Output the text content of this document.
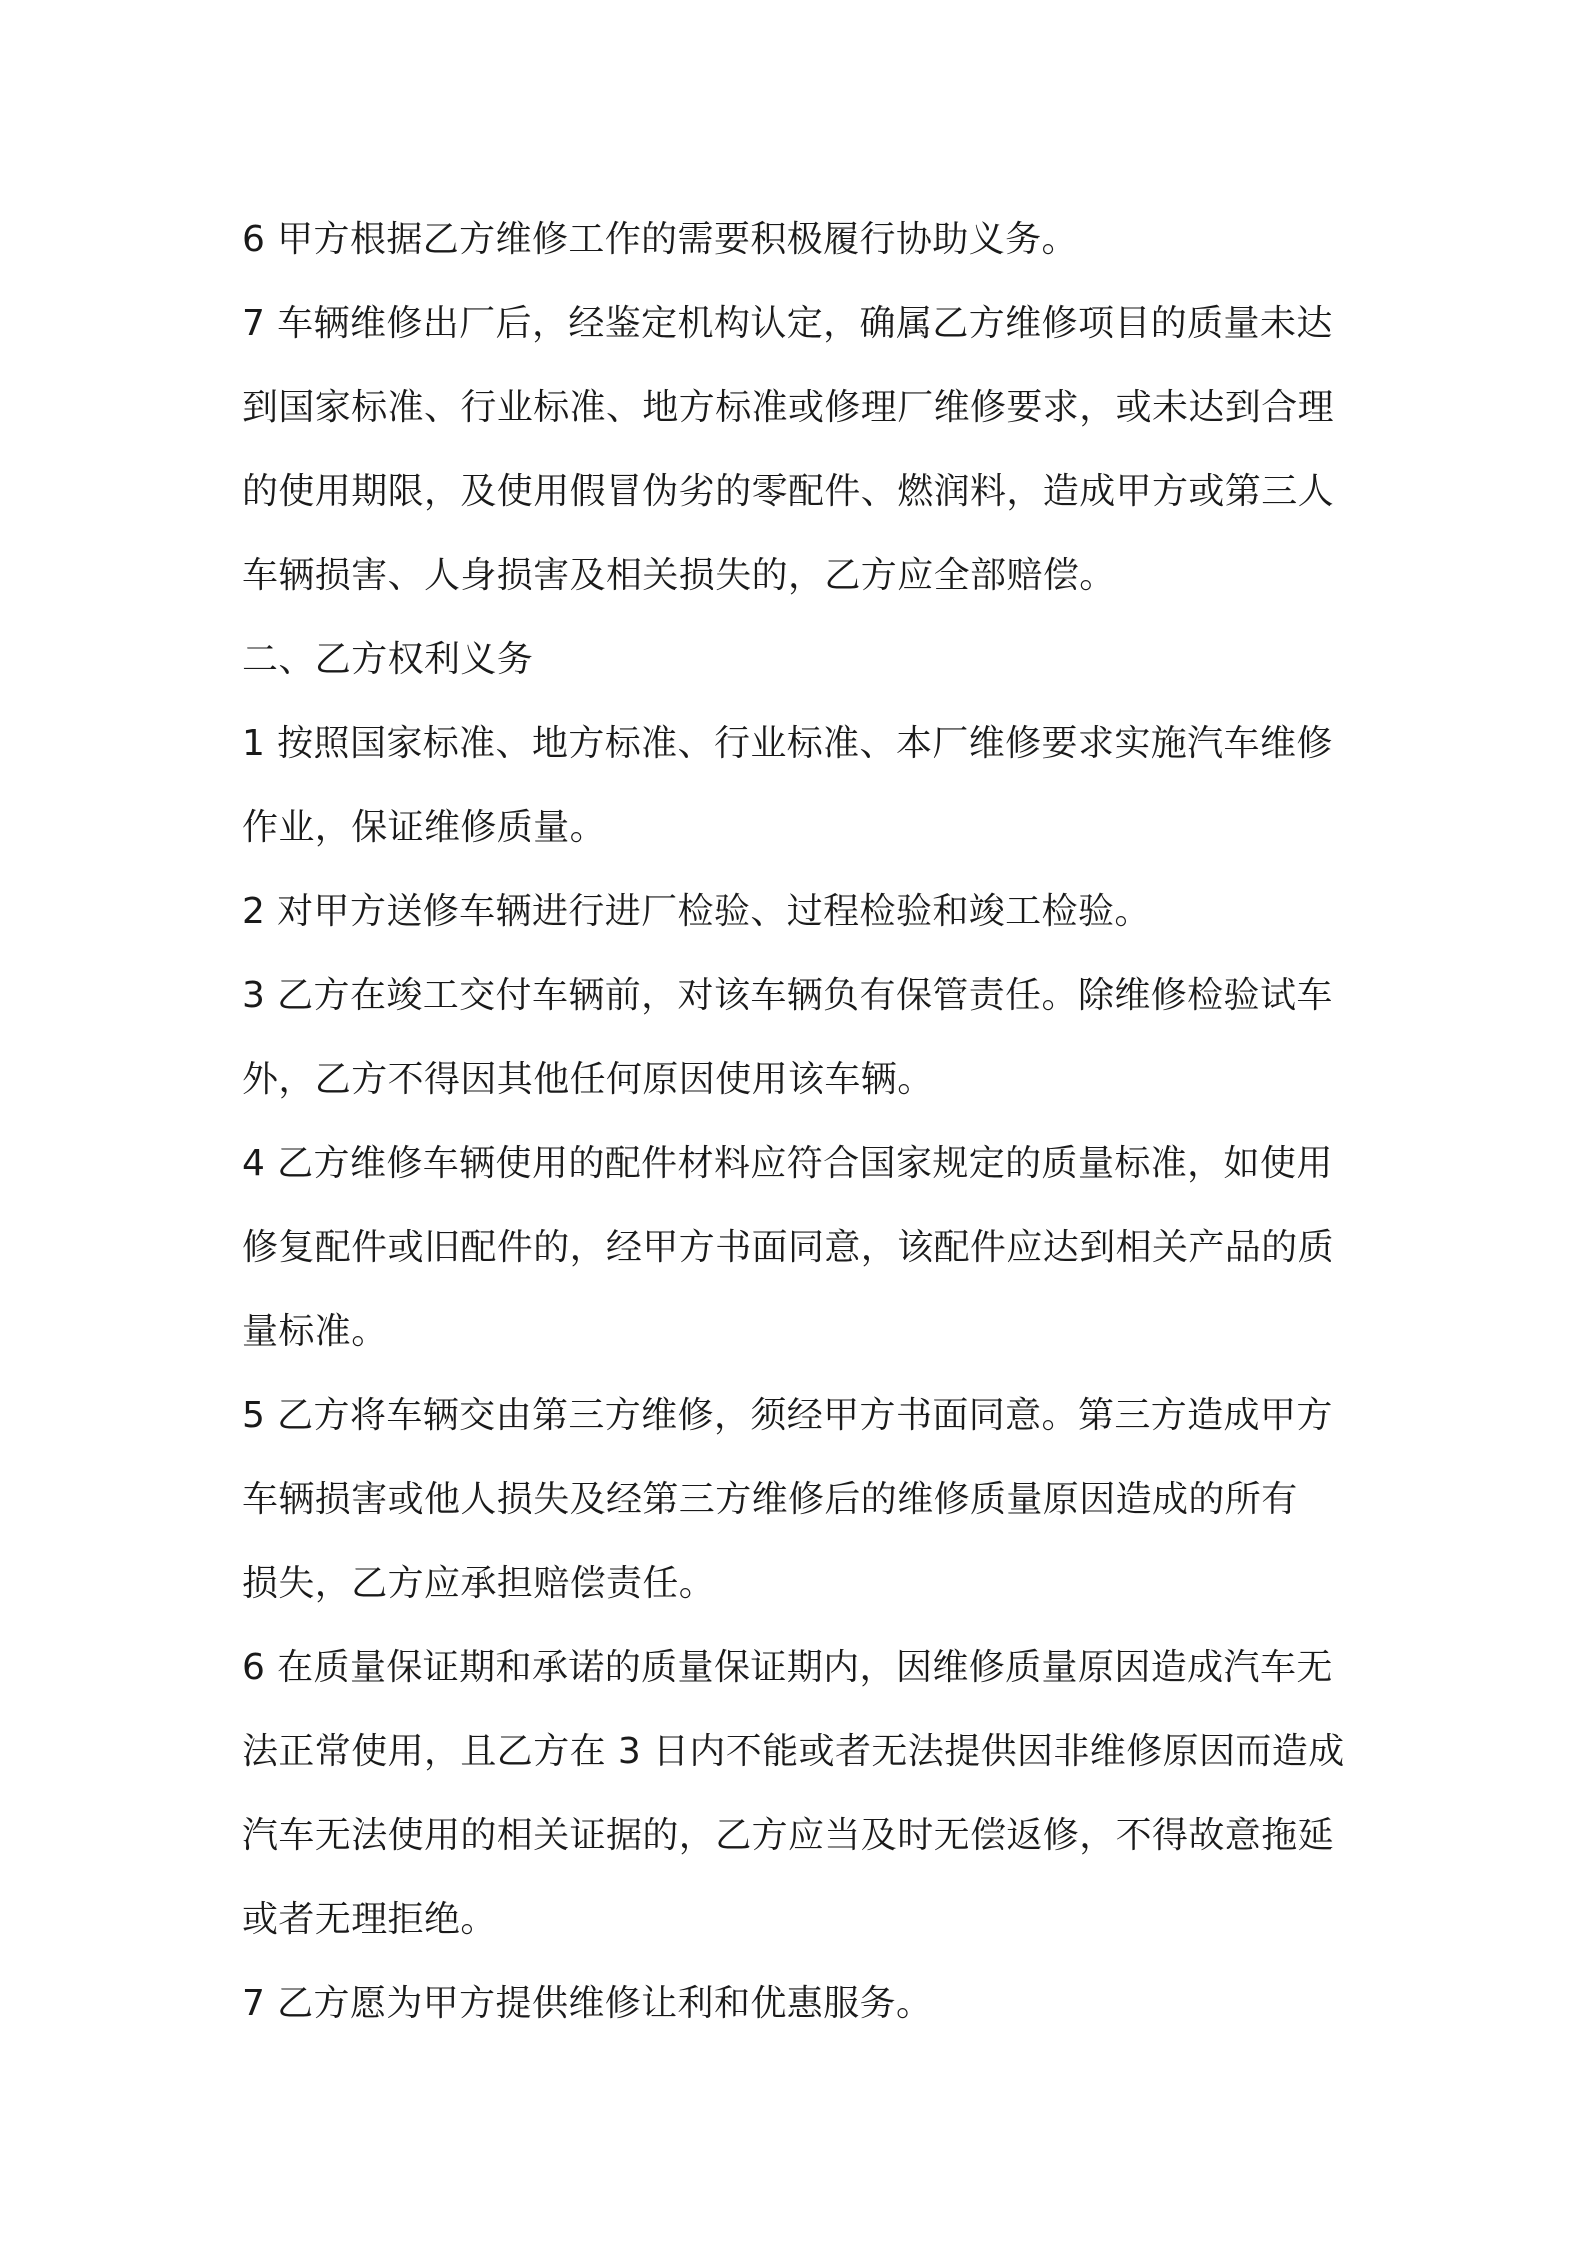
6 甲方根据乙方维修工作的需要积极履行协助义务。

7 车辆维修出厂后，经鉴定机构认定，确属乙方维修项目的质量未达
到国家标准、行业标准、地方标准或修理厂维修要求，或未达到合理
的使用期限，及使用假冒伪劣的零配件、燃润料，造成甲方或第三人
车辆损害、人身损害及相关损失的，乙方应全部赔偿。

二、乙方权利义务

1 按照国家标准、地方标准、行业标准、本厂维修要求实施汽车维修
作业，保证维修质量。

2 对甲方送修车辆进行进厂检验、过程检验和竣工检验。

3 乙方在竣工交付车辆前，对该车辆负有保管责任。除维修检验试车
外，乙方不得因其他任何原因使用该车辆。

4 乙方维修车辆使用的配件材料应符合国家规定的质量标准，如使用
修复配件或旧配件的，经甲方书面同意，该配件应达到相关产品的质
量标准。

5 乙方将车辆交由第三方维修，须经甲方书面同意。第三方造成甲方
车辆损害或他人损失及经第三方维修后的维修质量原因造成的所有
损失，乙方应承担赔偿责任。

6 在质量保证期和承诺的质量保证期内，因维修质量原因造成汽车无
法正常使用，且乙方在 3 日内不能或者无法提供因非维修原因而造成
汽车无法使用的相关证据的，乙方应当及时无偿返修，不得故意拖延
或者无理拒绝。

7 乙方愿为甲方提供维修让利和优惠服务。
